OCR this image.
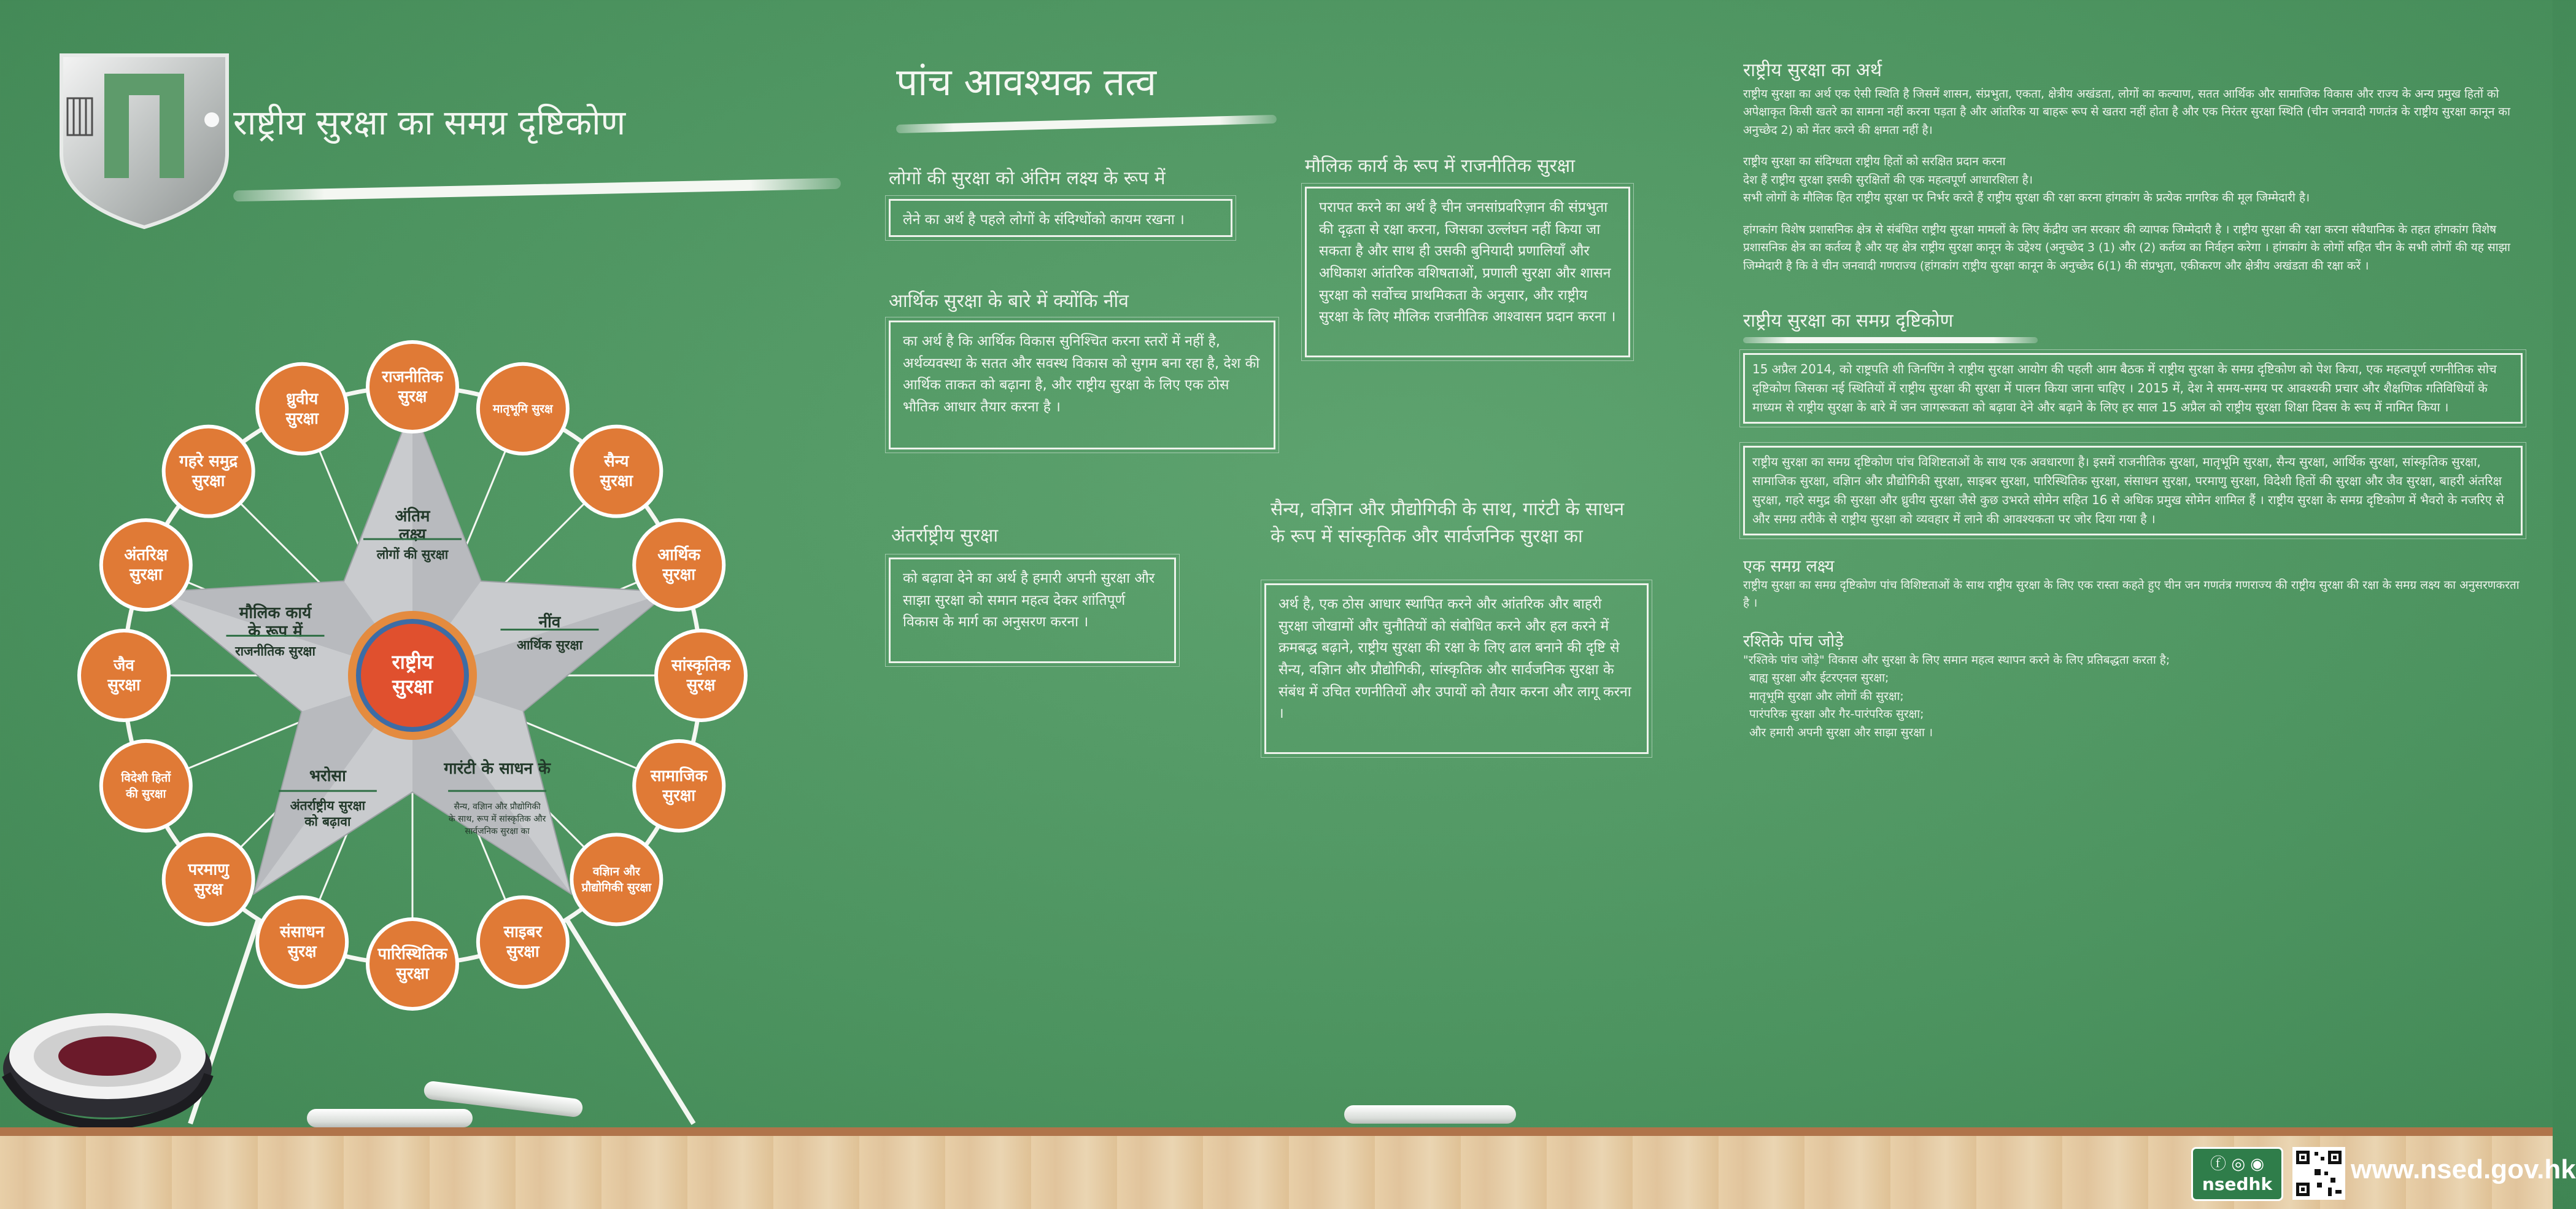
राष्ट्रीय सुरक्षा का समग्र दृष्टिकोण
अंतिम लक्ष्य
लोगों की सुरक्षा
नींव
आर्थिक सुरक्षा
गारंटी के साधन के
सैन्य, वज्ञिान और प्रौद्योगिकी के साथ, रूप में सांस्कृतिक और सार्वजनिक सुरक्षा का
भरोसा
अंतर्राष्ट्रीय सुरक्षा को बढ़ावा
मौलिक कार्य के रूप में
राजनीतिक सुरक्षा	राष्ट्रीय सुरक्षा
राजनीतिक सुरक्ष
मातृभूमि सुरक्ष
सैन्य सुरक्षा
आर्थिक सुरक्षा
सांस्कृतिक सुरक्ष
सामाजिक सुरक्षा
वज्ञिान और प्रौद्योगिकी सुरक्षा
साइबर सुरक्षा
पारिस्थितिक सुरक्षा
संसाधन सुरक्ष
परमाणु सुरक्ष
विदेशी हितों की सुरक्षा
जैव सुरक्षा
अंतरिक्ष सुरक्षा
गहरे समुद्र सुरक्षा
ध्रुवीय सुरक्षा
पांच आवश्यक तत्व
लोगों की सुरक्षा को अंतिम लक्ष्य के रूप में
लेने का अर्थ है पहले लोगों के संदिग्धोंको कायम रखना ।
आर्थिक सुरक्षा के बारे में क्योंकि नींव
का अर्थ है कि आर्थिक विकास सुनिश्चित करना स्तरों में नहीं है, अर्थव्यवस्था के सतत और सवस्थ विकास को सुगम बना रहा है, देश की आर्थिक ताकत को बढ़ाना है, और राष्ट्रीय सुरक्षा के लिए एक ठोस भौतिक आधार तैयार करना है ।
मौलिक कार्य के रूप में राजनीतिक सुरक्षा
परापत करने का अर्थ है चीन जनसांप्रवरिज़ान की संप्रभुता की दृढ़ता से रक्षा करना, जिसका उल्लंघन नहीं किया जा सकता है और साथ ही उसकी बुनियादी प्रणालियाँ और अधिकाश आंतरिक वशिषताओं, प्रणाली सुरक्षा और शासन सुरक्षा को सर्वोच्च प्राथमिकता के अनुसार, और राष्ट्रीय सुरक्षा के लिए मौलिक राजनीतिक आश्वासन प्रदान करना ।
अंतर्राष्ट्रीय सुरक्षा
को बढ़ावा देने का अर्थ है हमारी अपनी सुरक्षा और साझा सुरक्षा को समान महत्व देकर शांतिपूर्ण विकास के मार्ग का अनुसरण करना ।
सैन्य, वज्ञिान और प्रौद्योगिकी के साथ, गारंटी के साधन के रूप में सांस्कृतिक और सार्वजनिक सुरक्षा का
अर्थ है, एक ठोस आधार स्थापित करने और आंतरिक और बाहरी सुरक्षा जोखामों और चुनौतियों को संबोधित करने और हल करने में क्रमबद्ध बढ़ाने, राष्ट्रीय सुरक्षा की रक्षा के लिए ढाल बनाने की दृष्टि से सैन्य, वज्ञिान और प्रौद्योगिकी, सांस्कृतिक और सार्वजनिक सुरक्षा के संबंध में उचित रणनीतियों और उपायों को तैयार करना और लागू करना ।
राष्ट्रीय सुरक्षा का अर्थ
राष्ट्रीय सुरक्षा का अर्थ एक ऐसी स्थिति है जिसमें शासन, संप्रभुता, एकता, क्षेत्रीय अखंडता, लोगों का कल्याण, सतत आर्थिक और सामाजिक विकास और राज्य के अन्य प्रमुख हितों को अपेक्षाकृत किसी खतरे का सामना नहीं करना पड़ता है और आंतरिक या बाहरू रूप से खतरा नहीं होता है और एक निरंतर सुरक्षा स्थिति (चीन जनवादी गणतंत्र के राष्ट्रीय सुरक्षा कानून का अनुच्छेद 2) को मेंतर करने की क्षमता नहीं है।
राष्ट्रीय सुरक्षा का संदिग्धता राष्ट्रीय हितों को सरक्षित प्रदान करना
देश हैं राष्ट्रीय सुरक्षा इसकी सुरक्षितों की एक महत्वपूर्ण आधारशिला है।
सभी लोगों के मौलिक हित राष्ट्रीय सुरक्षा पर निर्भर करते हैं राष्ट्रीय सुरक्षा की रक्षा करना हांगकांग के प्रत्येक नागरिक की मूल जिम्मेदारी है।
हांगकांग विशेष प्रशासनिक क्षेत्र से संबंधित राष्ट्रीय सुरक्षा मामलों के लिए केंद्रीय जन सरकार की व्यापक जिम्मेदारी है । राष्ट्रीय सुरक्षा की रक्षा करना संवैधानिक के तहत हांगकांग विशेष प्रशासनिक क्षेत्र का कर्तव्य है और यह क्षेत्र राष्ट्रीय सुरक्षा कानून के उद्देश्य (अनुच्छेद 3 (1) और (2) कर्तव्य का निर्वहन करेगा । हांगकांग के लोगों सहित चीन के सभी लोगों की यह साझा जिम्मेदारी है कि वे चीन जनवादी गणराज्य (हांगकांग राष्ट्रीय सुरक्षा कानून के अनुच्छेद 6(1) की संप्रभुता, एकीकरण और क्षेत्रीय अखंडता की रक्षा करें ।
राष्ट्रीय सुरक्षा का समग्र दृष्टिकोण
15 अप्रैल 2014, को राष्ट्रपति शी जिनपिंग ने राष्ट्रीय सुरक्षा आयोग की पहली आम बैठक में राष्ट्रीय सुरक्षा के समग्र दृष्टिकोण को पेश किया, एक महत्वपूर्ण रणनीतिक सोच दृष्टिकोण जिसका नई स्थितियों में राष्ट्रीय सुरक्षा की सुरक्षा में पालन किया जाना चाहिए । 2015 में, देश ने समय-समय पर आवश्यकी प्रचार और शैक्षणिक गतिविधियों के माध्यम से राष्ट्रीय सुरक्षा के बारे में जन जागरूकता को बढ़ावा देने और बढ़ाने के लिए हर साल 15 अप्रैल को राष्ट्रीय सुरक्षा शिक्षा दिवस के रूप में नामित किया ।
राष्ट्रीय सुरक्षा का समग्र दृष्टिकोण पांच विशिष्टताओं के साथ एक अवधारणा है। इसमें राजनीतिक सुरक्षा, मातृभूमि सुरक्षा, सैन्य सुरक्षा, आर्थिक सुरक्षा, सांस्कृतिक सुरक्षा, सामाजिक सुरक्षा, वज्ञिान और प्रौद्योगिकी सुरक्षा, साइबर सुरक्षा, पारिस्थितिक सुरक्षा, संसाधन सुरक्षा, परमाणु सुरक्षा, विदेशी हितों की सुरक्षा और जैव सुरक्षा, बाहरी अंतरिक्ष सुरक्षा, गहरे समुद्र की सुरक्षा और ध्रुवीय सुरक्षा जैसे कुछ उभरते सोमेन सहित 16 से अधिक प्रमुख सोमेन शामिल हैं । राष्ट्रीय सुरक्षा के समग्र दृष्टिकोण में भैवरो के नजरिए से और समग्र तरीके से राष्ट्रीय सुरक्षा को व्यवहार में लाने की आवश्यकता पर जोर दिया गया है ।
एक समग्र लक्ष्य
राष्ट्रीय सुरक्षा का समग्र दृष्टिकोण पांच विशिष्टताओं के साथ राष्ट्रीय सुरक्षा के लिए एक रास्ता कहते हुए चीन जन गणतंत्र गणराज्य की राष्ट्रीय सुरक्षा की रक्षा के समग्र लक्ष्य का अनुसरणकरता है ।
रश्तिके पांच जोड़े
"रश्तिके पांच जोड़े" विकास और सुरक्षा के लिए समान महत्व स्थापन करने के लिए प्रतिबद्धता करता है;
बाह्य सुरक्षा और ईटरएनल सुरक्षा;
मातृभूमि सुरक्षा और लोगों की सुरक्षा;
पारंपरिक सुरक्षा और गैर-पारंपरिक सुरक्षा;
और हमारी अपनी सुरक्षा और साझा सुरक्षा ।
ⓕ ◎ ◉
nsedhk	www.nsed.gov.hk
